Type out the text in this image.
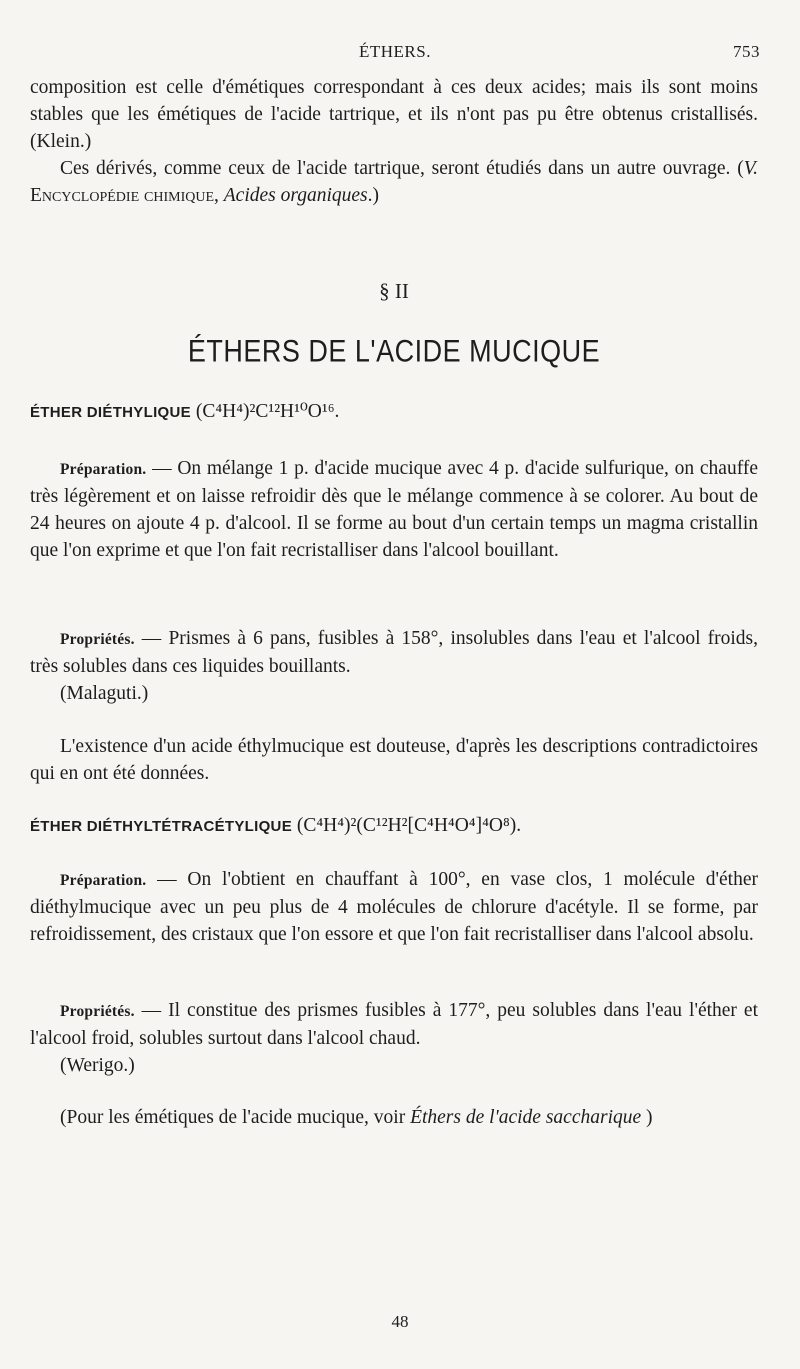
ÉTHERS.	753

composition est celle d'émétiques correspondant à ces deux acides; mais ils sont moins stables que les émétiques de l'acide tartrique, et ils n'ont pas pu être obtenus cristallisés. (Klein.)

Ces dérivés, comme ceux de l'acide tartrique, seront étudiés dans un autre ouvrage. (V. Encyclopédie chimique, Acides organiques.)

§ II

ÉTHERS DE L'ACIDE MUCIQUE

ÉTHER DIÉTHYLIQUE (C⁴H⁴)²C¹²H¹⁰O¹⁶.

Préparation. — On mélange 1 p. d'acide mucique avec 4 p. d'acide sulfurique, on chauffe très légèrement et on laisse refroidir dès que le mélange commence à se colorer. Au bout de 24 heures on ajoute 4 p. d'alcool. Il se forme au bout d'un certain temps un magma cristallin que l'on exprime et que l'on fait recristalliser dans l'alcool bouillant.

Propriétés. — Prismes à 6 pans, fusibles à 158°, insolubles dans l'eau et l'alcool froids, très solubles dans ces liquides bouillants.

(Malaguti.)

L'existence d'un acide éthylmucique est douteuse, d'après les descriptions contradictoires qui en ont été données.

ÉTHER DIÉTHYLTÉTRACÉTYLIQUE (C⁴H⁴)²(C¹²H²[C⁴H⁴O⁴]⁴O⁸).

Préparation. — On l'obtient en chauffant à 100°, en vase clos, 1 molécule d'éther diéthylmucique avec un peu plus de 4 molécules de chlorure d'acétyle. Il se forme, par refroidissement, des cristaux que l'on essore et que l'on fait recristalliser dans l'alcool absolu.

Propriétés. — Il constitue des prismes fusibles à 177°, peu solubles dans l'eau l'éther et l'alcool froid, solubles surtout dans l'alcool chaud.

(Werigo.)

(Pour les émétiques de l'acide mucique, voir Éthers de l'acide saccharique )

48
